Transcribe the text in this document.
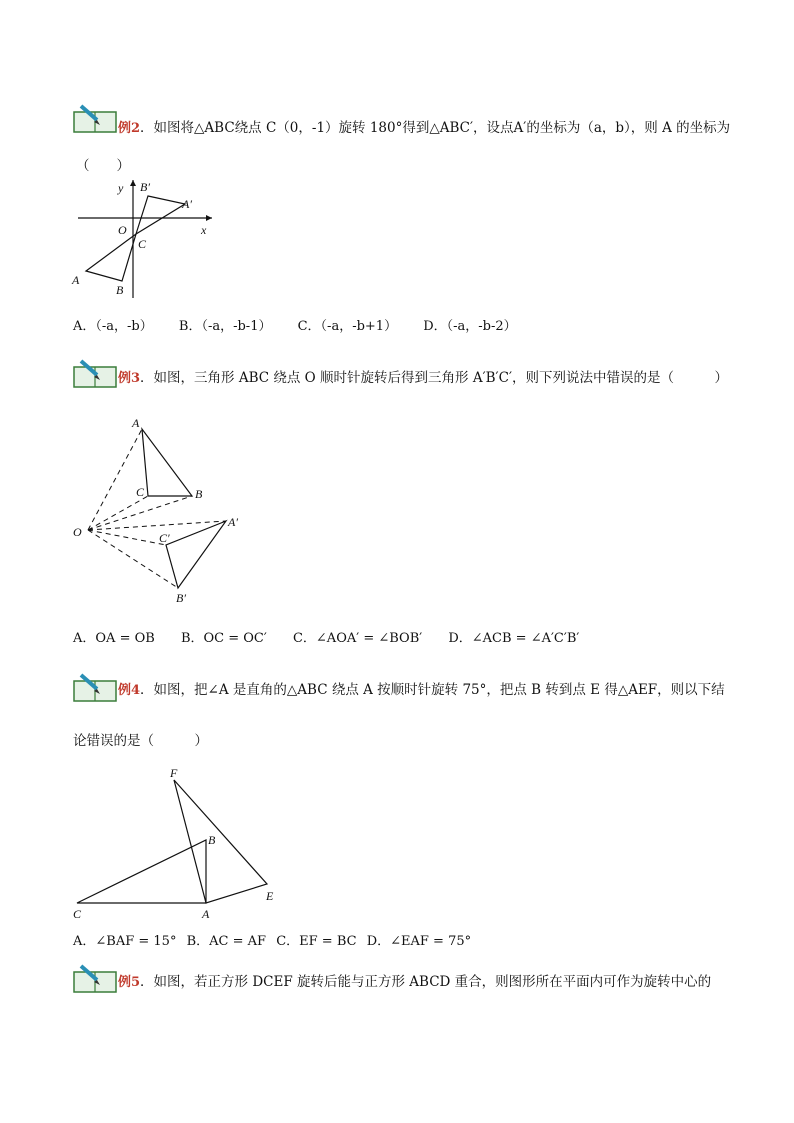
例2．如图将△ABC绕点 C（0，-1）旋转 180°得到△ABC′，设点A′的坐标为（a，b），则 A 的坐标为
（　　）
y
x
O
C
A
B
B′
A′
A．（-a，-b） B．（-a，-b-1） C．（-a，-b+1） D．（-a，-b-2）
例3．如图，三角形 ABC 绕点 O 顺时针旋转后得到三角形 A′B′C′，则下列说法中错误的是（　　　）
A
C	B
O
A′
C′
B′
A．OA = OB B．OC = OC′ C．∠AOA′ = ∠BOB′ D．∠ACB = ∠A′C′B′
例4．如图，把∠A 是直角的△ABC 绕点 A 按顺时针旋转 75°，把点 B 转到点 E 得△AEF，则以下结
论错误的是（　　　）
F
B
E
C	A
A．∠BAF = 15° B．AC = AF C．EF = BC D．∠EAF = 75°
例5．如图，若正方形 DCEF 旋转后能与正方形 ABCD 重合，则图形所在平面内可作为旋转中心的
